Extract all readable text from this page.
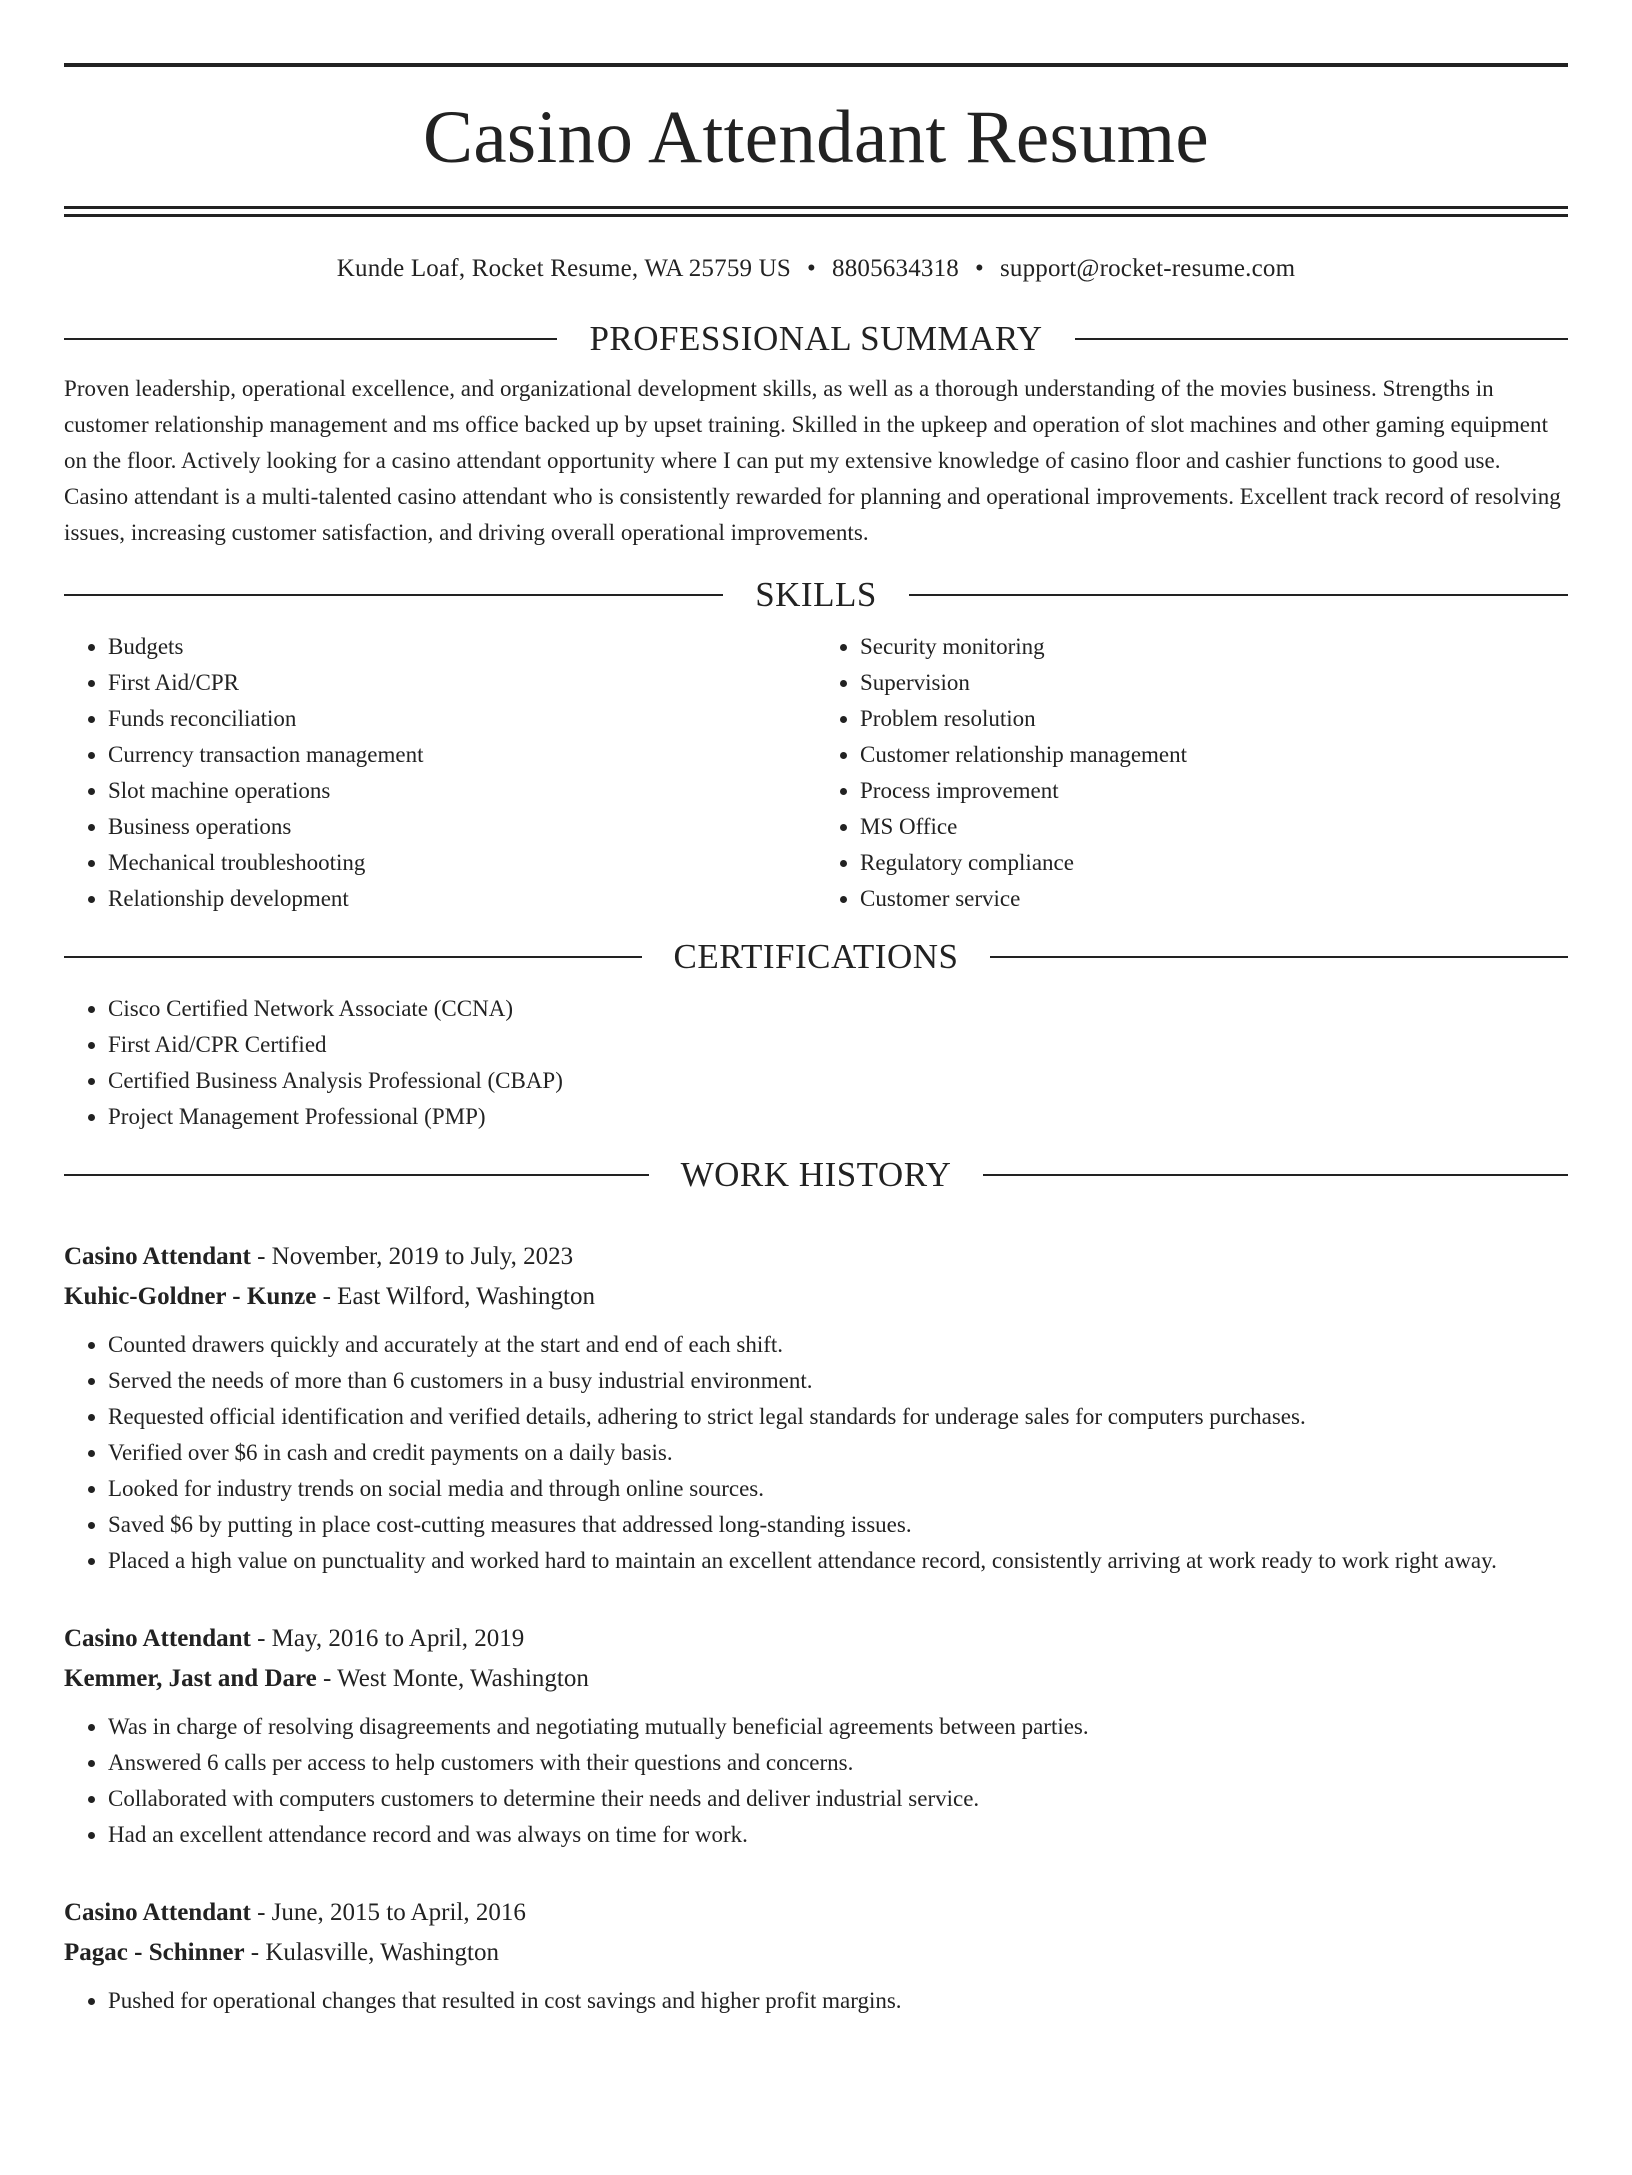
Casino Attendant Resume
Kunde Loaf, Rocket Resume, WA 25759 US • 8805634318 • support@rocket-resume.com
PROFESSIONAL SUMMARY

Proven leadership, operational excellence, and organizational development skills, as well as a thorough understanding of the movies business. Strengths in customer relationship management and ms office backed up by upset training. Skilled in the upkeep and operation of slot machines and other gaming equipment on the floor. Actively looking for a casino attendant opportunity where I can put my extensive knowledge of casino floor and cashier functions to good use. Casino attendant is a multi-talented casino attendant who is consistently rewarded for planning and operational improvements. Excellent track record of resolving issues, increasing customer satisfaction, and driving overall operational improvements.

SKILLS
• Budgets
• First Aid/CPR
• Funds reconciliation
• Currency transaction management
• Slot machine operations
• Business operations
• Mechanical troubleshooting
• Relationship development
• Security monitoring
• Supervision
• Problem resolution
• Customer relationship management
• Process improvement
• MS Office
• Regulatory compliance
• Customer service
CERTIFICATIONS
• Cisco Certified Network Associate (CCNA)
• First Aid/CPR Certified
• Certified Business Analysis Professional (CBAP)
• Project Management Professional (PMP)
WORK HISTORY
Casino Attendant - November, 2019 to July, 2023
Kuhic-Goldner - Kunze - East Wilford, Washington
• Counted drawers quickly and accurately at the start and end of each shift.
• Served the needs of more than 6 customers in a busy industrial environment.
• Requested official identification and verified details, adhering to strict legal standards for underage sales for computers purchases.
• Verified over $6 in cash and credit payments on a daily basis.
• Looked for industry trends on social media and through online sources.
• Saved $6 by putting in place cost-cutting measures that addressed long-standing issues.
• Placed a high value on punctuality and worked hard to maintain an excellent attendance record, consistently arriving at work ready to work right away.
Casino Attendant - May, 2016 to April, 2019
Kemmer, Jast and Dare - West Monte, Washington
• Was in charge of resolving disagreements and negotiating mutually beneficial agreements between parties.
• Answered 6 calls per access to help customers with their questions and concerns.
• Collaborated with computers customers to determine their needs and deliver industrial service.
• Had an excellent attendance record and was always on time for work.
Casino Attendant - June, 2015 to April, 2016
Pagac - Schinner - Kulasville, Washington
• Pushed for operational changes that resulted in cost savings and higher profit margins.
